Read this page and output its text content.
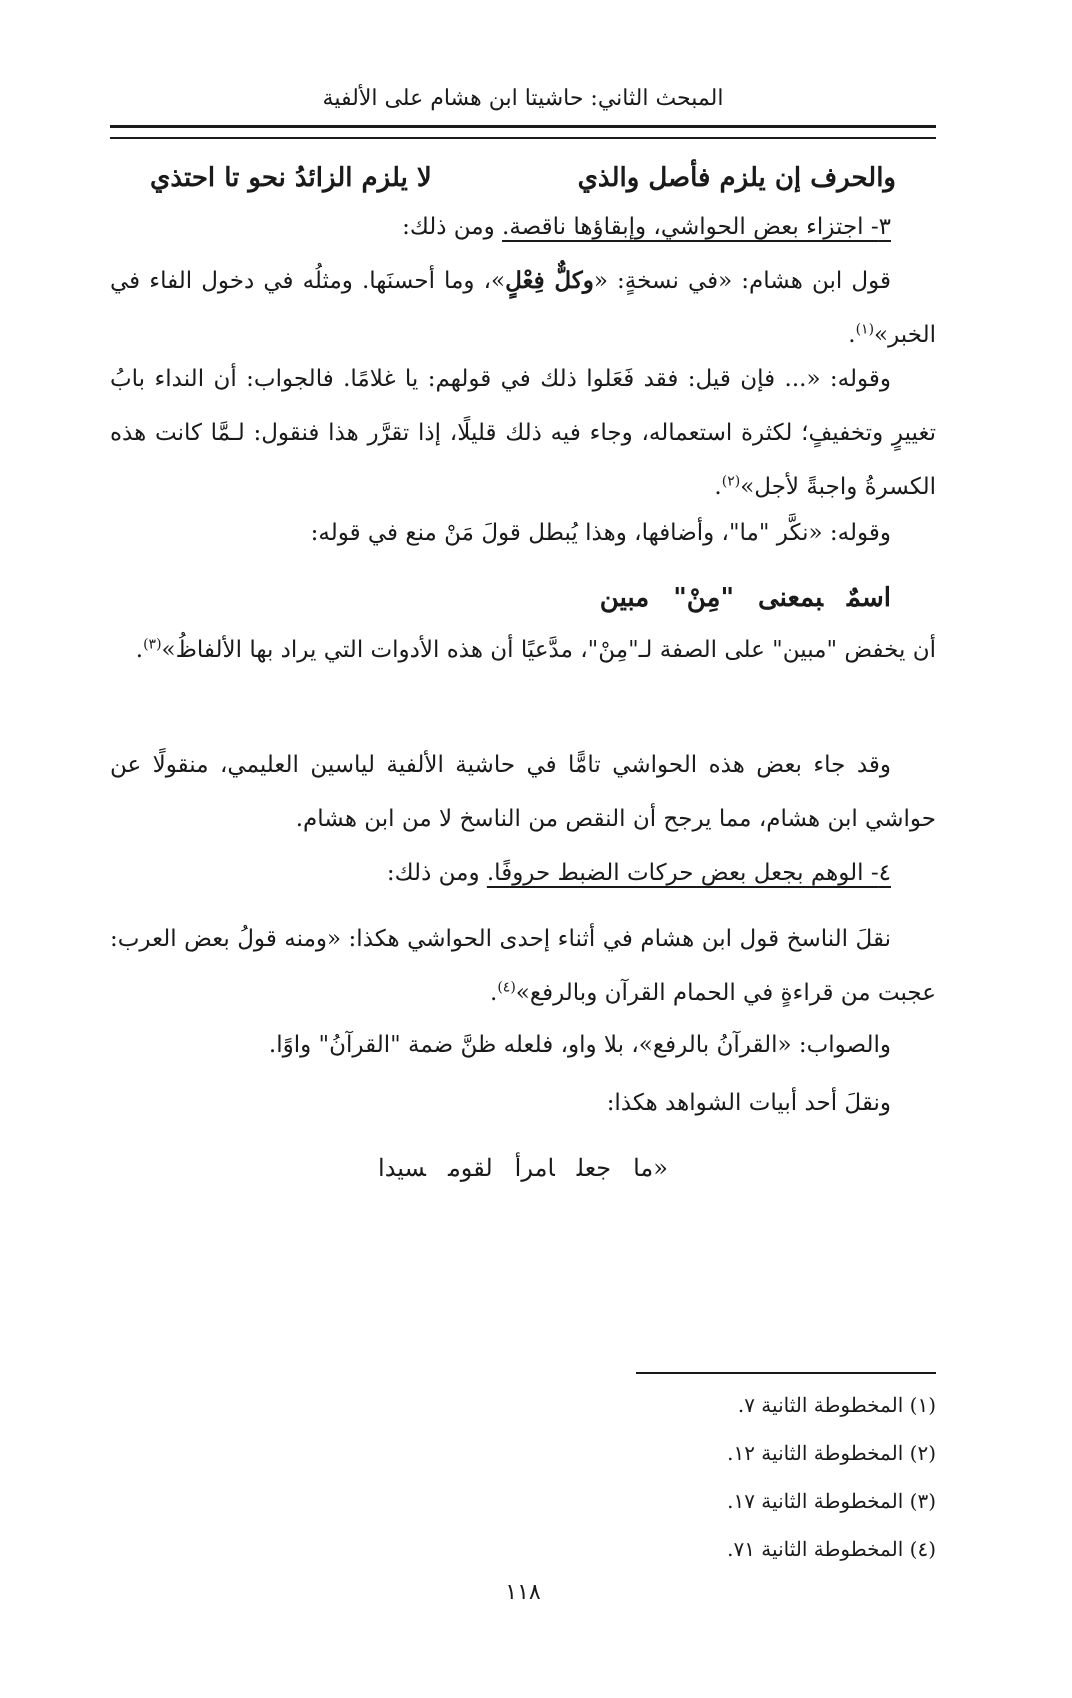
المبحث الثاني: حاشيتا ابن هشام على الألفية
والحرف إن يلزم فأصل والذي
لا يلزم الزائدُ نحو تا احتذي
٣- اجتزاء بعض الحواشي، وإبقاؤها ناقصة. ومن ذلك:
قول ابن هشام: «في نسخةٍ: «وكلٌّ فِعْلٍ»، وما أحسنَها. ومثلُه في دخول الفاء في الخبر»$^{(١)}$.
وقوله: «... فإن قيل: فقد فَعَلوا ذلك في قولهم: يا غلامًا. فالجواب: أن النداء بابُ تغييرٍ وتخفيفٍ؛ لكثرة استعماله، وجاء فيه ذلك قليلًا، إذا تقرَّر هذا فنقول: لـمَّا كانت هذه الكسرةُ واجبةً لأجل»$^{(٢)}$.
وقوله: «نكَّر "ما"، وأضافها، وهذا يُبطل قولَ مَنْ منع في قوله:
اسمٌبمعنى"مِنْ"مبين
أن يخفض "مبين" على الصفة لـ"مِنْ"، مدَّعيًا أن هذه الأدوات التي يراد بها الألفاظُ»$^{(٣)}$.
وقد جاء بعض هذه الحواشي تامًّا في حاشية الألفية لياسين العليمي، منقولًا عن حواشي ابن هشام، مما يرجح أن النقص من الناسخ لا من ابن هشام.
٤- الوهم بجعل بعض حركات الضبط حروفًا. ومن ذلك:
نقلَ الناسخ قول ابن هشام في أثناء إحدى الحواشي هكذا: «ومنه قولُ بعض العرب: عجبت من قراءةٍ في الحمام القرآن وبالرفع»$^{(٤)}$.
والصواب: «القرآنُ بالرفع»، بلا واو، فلعله ظنَّ ضمة "القرآنُ" واوًا.
ونقلَ أحد أبيات الشواهد هكذا:
«ماجعلامرألقومسيدا
(١) المخطوطة الثانية ٧.
(٢) المخطوطة الثانية ١٢.
(٣) المخطوطة الثانية ١٧.
(٤) المخطوطة الثانية ٧١.
١١٨
